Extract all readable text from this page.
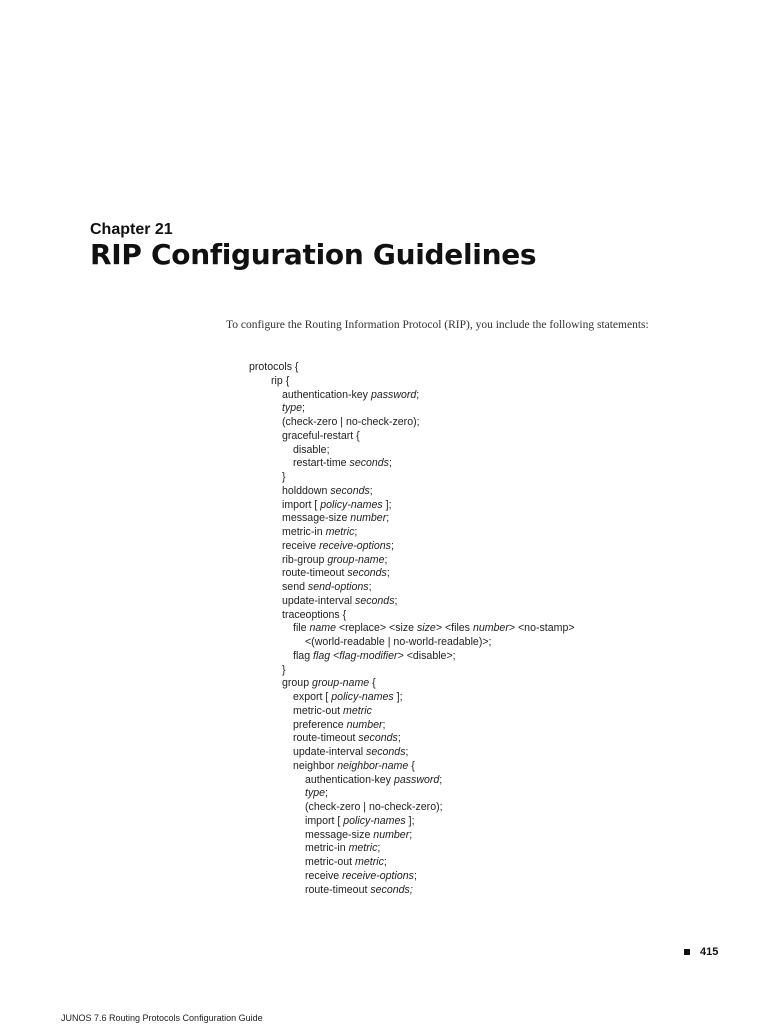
Chapter 21
RIP Configuration Guidelines
To configure the Routing Information Protocol (RIP), you include the following statements:
protocols {
rip {
authentication-key password;
type;
(check-zero | no-check-zero);
graceful-restart {
disable;
restart-time seconds;
}
holddown seconds;
import [ policy-names ];
message-size number;
metric-in metric;
receive receive-options;
rib-group group-name;
route-timeout seconds;
send send-options;
update-interval seconds;
traceoptions {
file name <replace> <size size> <files number> <no-stamp>
<(world-readable | no-world-readable)>;
flag flag <flag-modifier> <disable>;
}
group group-name {
export [ policy-names ];
metric-out metric
preference number;
route-timeout seconds;
update-interval seconds;
neighbor neighbor-name {
authentication-key password;
type;
(check-zero | no-check-zero);
import [ policy-names ];
message-size number;
metric-in metric;
metric-out metric;
receive receive-options;
route-timeout seconds;
415
JUNOS 7.6 Routing Protocols Configuration Guide
